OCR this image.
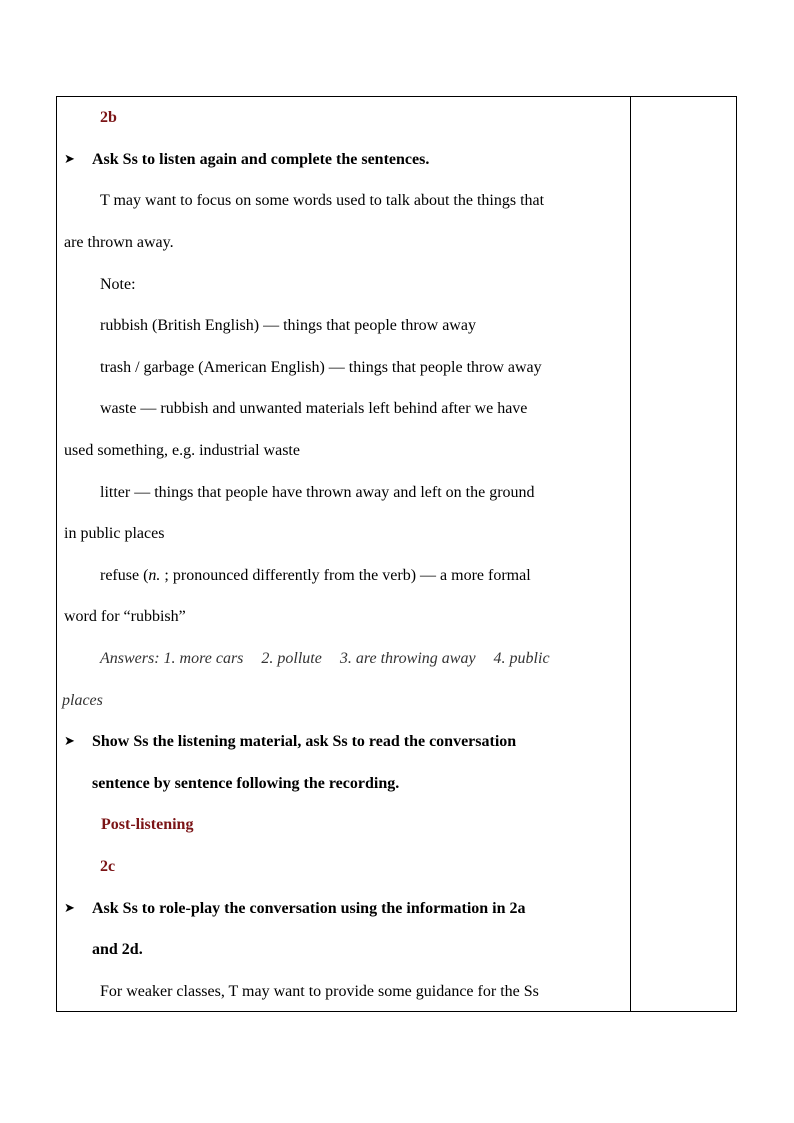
2b
➤ Ask Ss to listen again and complete the sentences.
T may want to focus on some words used to talk about the things that
are thrown away.
Note:
rubbish (British English) — things that people throw away
trash / garbage (American English) — things that people throw away
waste — rubbish and unwanted materials left behind after we have
used something, e.g. industrial waste
litter — things that people have thrown away and left on the ground
in public places
refuse (n. ; pronounced differently from the verb) — a more formal
word for “rubbish”
Answers: 1. more cars 2. pollute 3. are throwing away 4. public
places
➤ Show Ss the listening material, ask Ss to read the conversation
sentence by sentence following the recording.
Post-listening
2c
➤ Ask Ss to role-play the conversation using the information in 2a
and 2d.
For weaker classes, T may want to provide some guidance for the Ss
